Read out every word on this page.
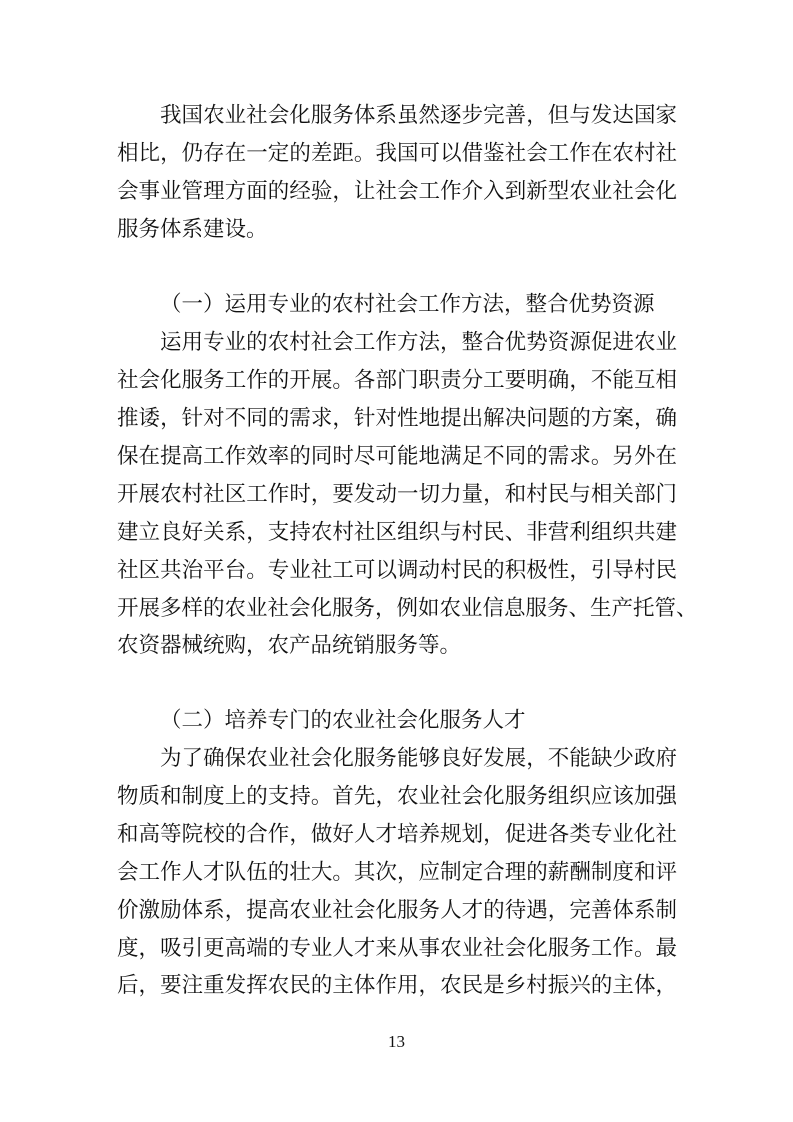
我国农业社会化服务体系虽然逐步完善，但与发达国家
相比，仍存在一定的差距。我国可以借鉴社会工作在农村社
会事业管理方面的经验，让社会工作介入到新型农业社会化
服务体系建设。
（一）运用专业的农村社会工作方法，整合优势资源
运用专业的农村社会工作方法，整合优势资源促进农业
社会化服务工作的开展。各部门职责分工要明确，不能互相
推诿，针对不同的需求，针对性地提出解决问题的方案，确
保在提高工作效率的同时尽可能地满足不同的需求。另外在
开展农村社区工作时，要发动一切力量，和村民与相关部门
建立良好关系，支持农村社区组织与村民、非营利组织共建
社区共治平台。专业社工可以调动村民的积极性，引导村民
开展多样的农业社会化服务，例如农业信息服务、生产托管、
农资器械统购，农产品统销服务等。
（二）培养专门的农业社会化服务人才
为了确保农业社会化服务能够良好发展，不能缺少政府
物质和制度上的支持。首先，农业社会化服务组织应该加强
和高等院校的合作，做好人才培养规划，促进各类专业化社
会工作人才队伍的壮大。其次，应制定合理的薪酬制度和评
价激励体系，提高农业社会化服务人才的待遇，完善体系制
度，吸引更高端的专业人才来从事农业社会化服务工作。最
后，要注重发挥农民的主体作用，农民是乡村振兴的主体，
13
